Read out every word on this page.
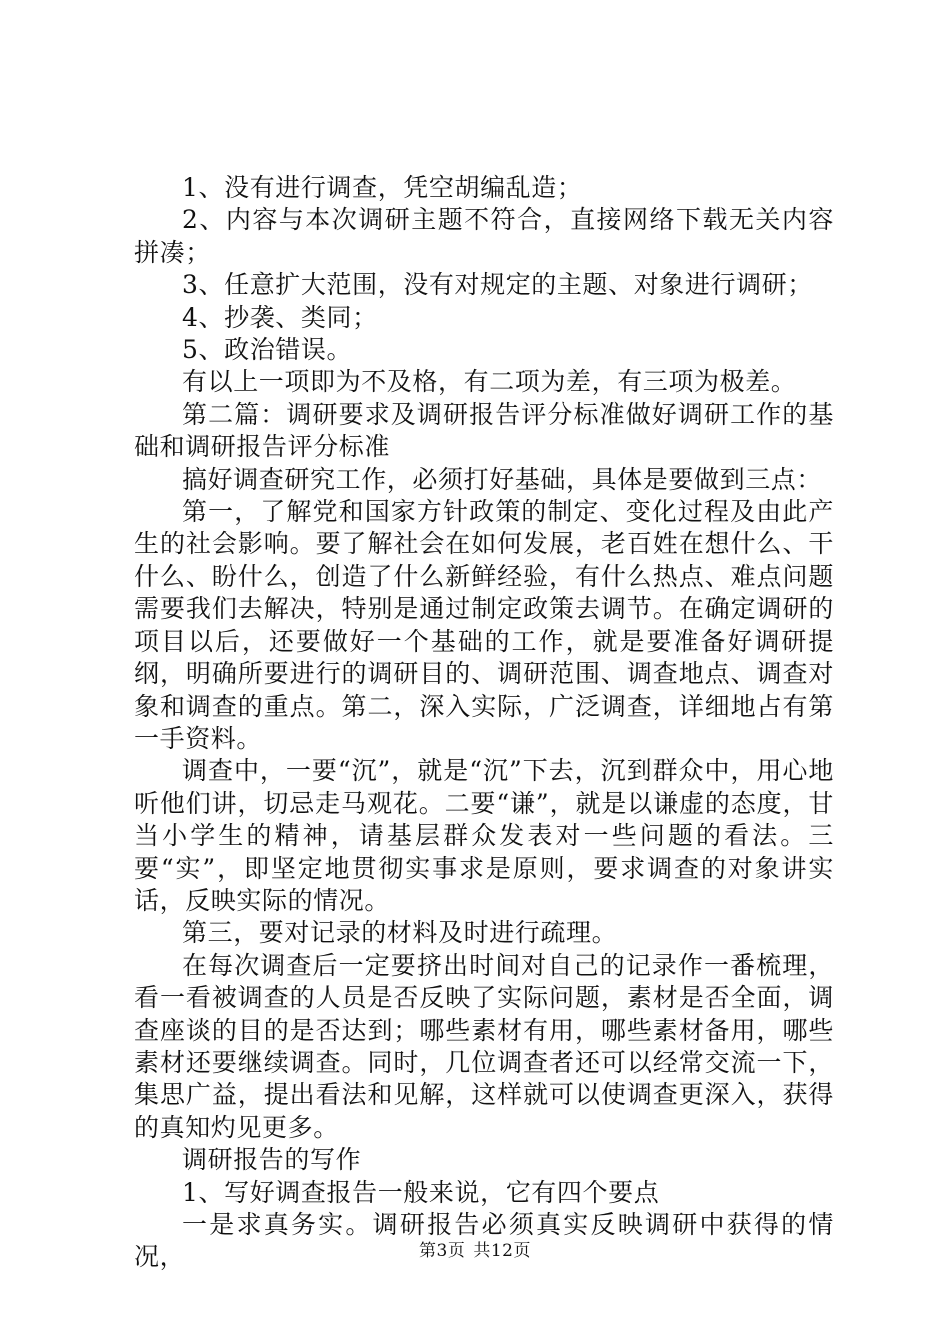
1、没有进行调查，凭空胡编乱造；

2、内容与本次调研主题不符合，直接网络下载无关内容拼凑；

3、任意扩大范围，没有对规定的主题、对象进行调研；

4、抄袭、类同；

5、政治错误。

有以上一项即为不及格，有二项为差，有三项为极差。

第二篇：调研要求及调研报告评分标准做好调研工作的基础和调研报告评分标准

搞好调查研究工作，必须打好基础，具体是要做到三点：

第一，了解党和国家方针政策的制定、变化过程及由此产生的社会影响。要了解社会在如何发展，老百姓在想什么、干什么、盼什么，创造了什么新鲜经验，有什么热点、难点问题需要我们去解决，特别是通过制定政策去调节。在确定调研的项目以后，还要做好一个基础的工作，就是要准备好调研提纲，明确所要进行的调研目的、调研范围、调查地点、调查对象和调查的重点。第二，深入实际，广泛调查，详细地占有第一手资料。

调查中，一要“沉”，就是“沉”下去，沉到群众中，用心地听他们讲，切忌走马观花。二要“谦”，就是以谦虚的态度，甘当小学生的精神，请基层群众发表对一些问题的看法。三要“实”，即坚定地贯彻实事求是原则，要求调查的对象讲实话，反映实际的情况。

第三，要对记录的材料及时进行疏理。

在每次调查后一定要挤出时间对自己的记录作一番梳理，看一看被调查的人员是否反映了实际问题，素材是否全面，调查座谈的目的是否达到；哪些素材有用，哪些素材备用，哪些素材还要继续调查。同时，几位调查者还可以经常交流一下，集思广益，提出看法和见解，这样就可以使调查更深入，获得的真知灼见更多。

调研报告的写作

1、写好调查报告一般来说，它有四个要点

一是求真务实。调研报告必须真实反映调研中获得的情况，	第3页 共12页
